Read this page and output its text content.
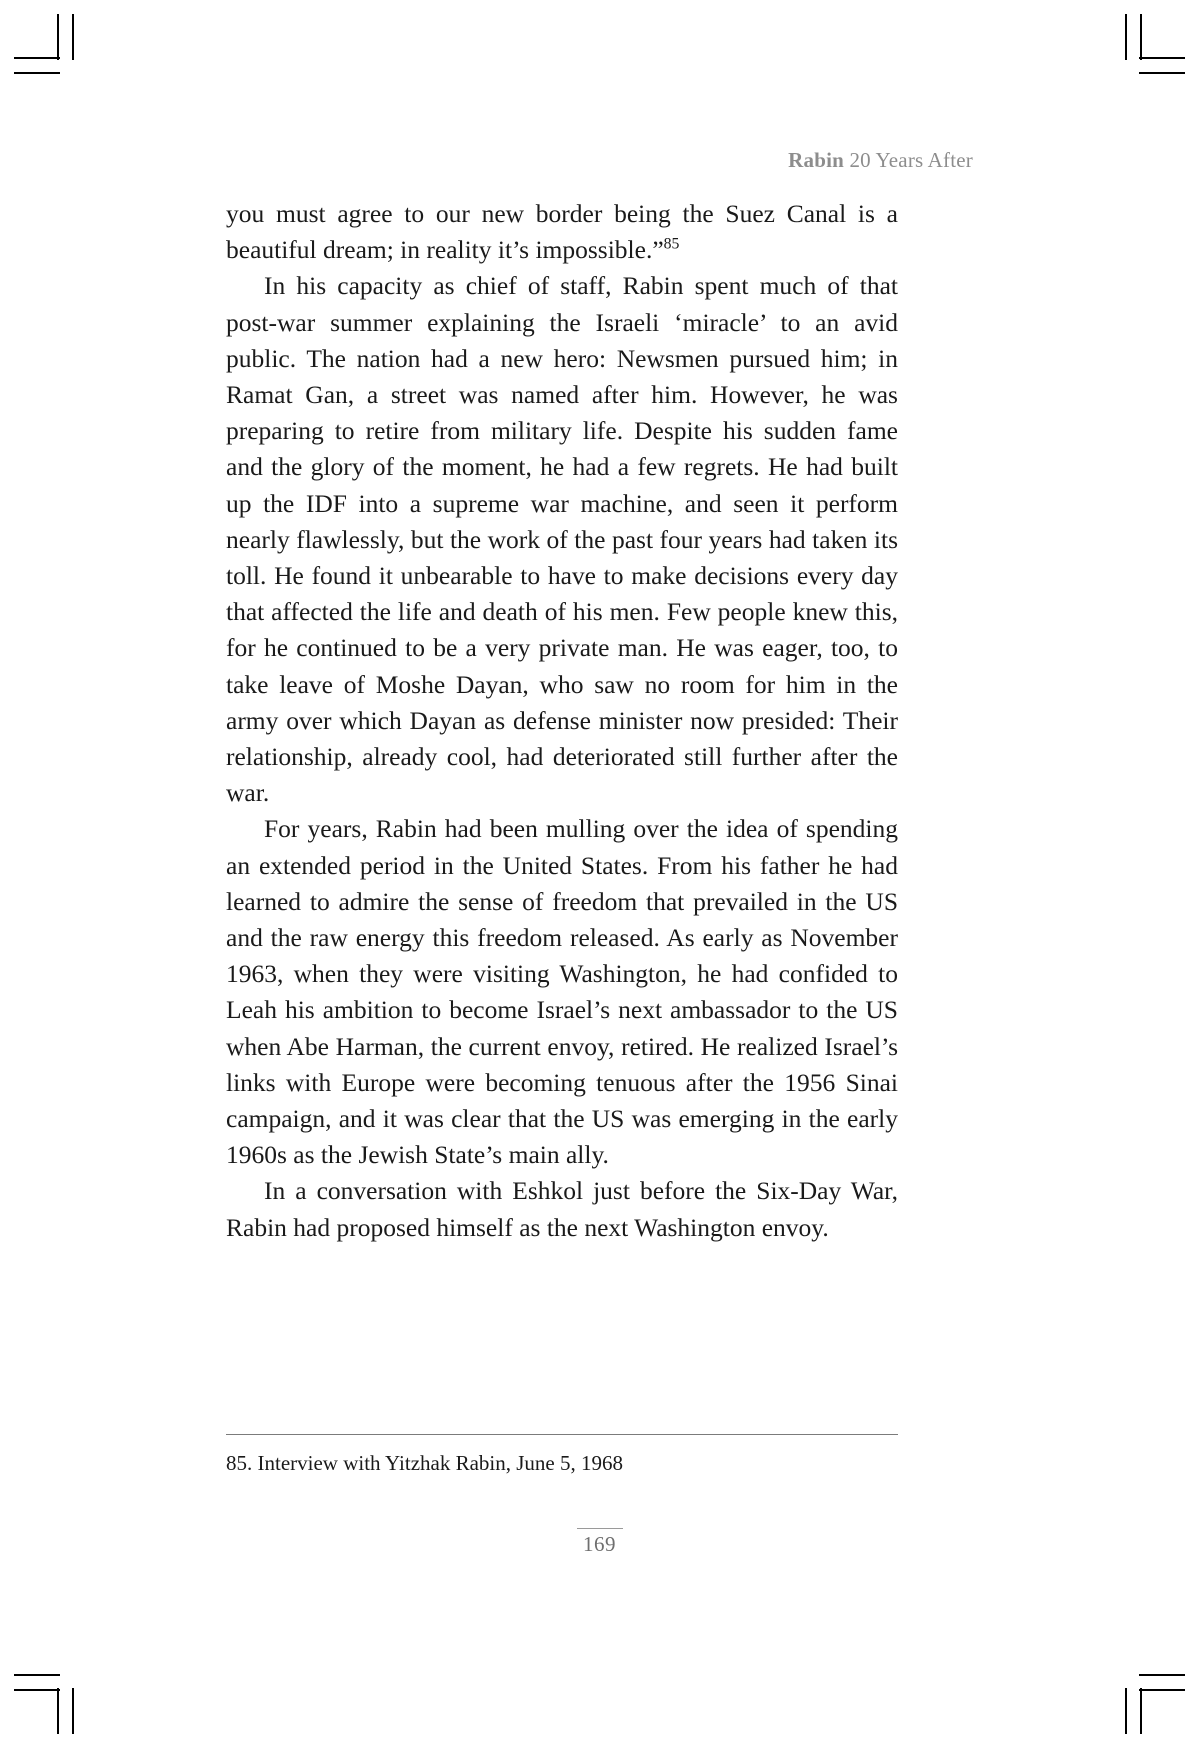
Rabin 20 Years After

you must agree to our new border being the Suez Canal is a beautiful dream; in reality it’s impossible.”$^{85}$

In his capacity as chief of staff, Rabin spent much of that post-war summer explaining the Israeli ‘miracle’ to an avid public. The nation had a new hero: Newsmen pursued him; in Ramat Gan, a street was named after him. However, he was preparing to retire from military life. Despite his sudden fame and the glory of the moment, he had a few regrets. He had built up the IDF into a supreme war machine, and seen it perform nearly flawlessly, but the work of the past four years had taken its toll. He found it unbearable to have to make decisions every day that affected the life and death of his men. Few people knew this, for he continued to be a very private man. He was eager, too, to take leave of Moshe Dayan, who saw no room for him in the army over which Dayan as defense minister now presided: Their relationship, already cool, had deteriorated still further after the war.

For years, Rabin had been mulling over the idea of spending an extended period in the United States. From his father he had learned to admire the sense of freedom that prevailed in the US and the raw energy this freedom released. As early as November 1963, when they were visiting Washington, he had confided to Leah his ambition to become Israel’s next ambassador to the US when Abe Harman, the current envoy, retired. He realized Israel’s links with Europe were becoming tenuous after the 1956 Sinai campaign, and it was clear that the US was emerging in the early 1960s as the Jewish State’s main ally.

In a conversation with Eshkol just before the Six-Day War, Rabin had proposed himself as the next Washington envoy.

85. Interview with Yitzhak Rabin, June 5, 1968
169
